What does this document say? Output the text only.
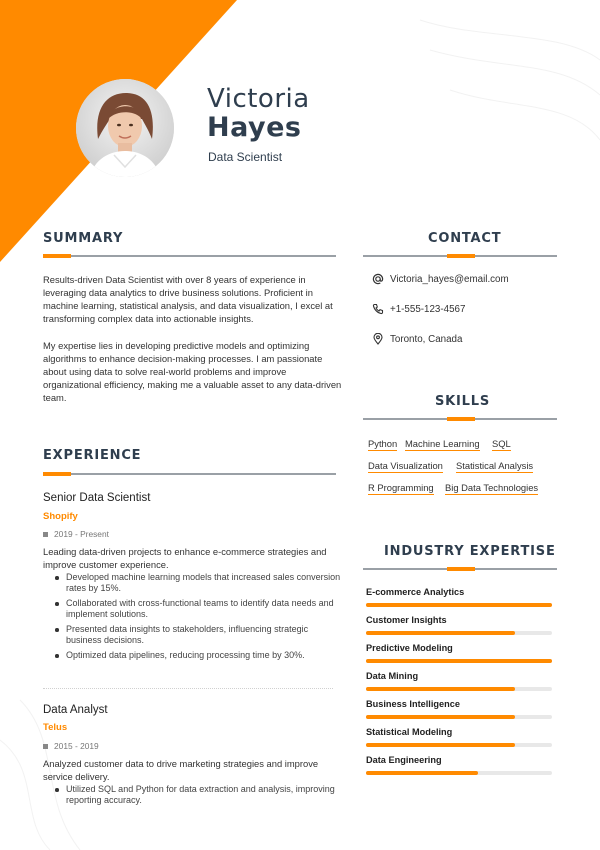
Victoria
Hayes
Data Scientist
SUMMARY
Results-driven Data Scientist with over 8 years of experience in leveraging data analytics to drive business solutions. Proficient in machine learning, statistical analysis, and data visualization, I excel at transforming complex data into actionable insights.
My expertise lies in developing predictive models and optimizing algorithms to enhance decision-making processes. I am passionate about using data to solve real-world problems and improve organizational efficiency, making me a valuable asset to any data-driven team.
EXPERIENCE
Senior Data Scientist
Shopify
2019 - Present
Leading data-driven projects to enhance e-commerce strategies and improve customer experience.
Developed machine learning models that increased sales conversion rates by 15%.
Collaborated with cross-functional teams to identify data needs and implement solutions.
Presented data insights to stakeholders, influencing strategic business decisions.
Optimized data pipelines, reducing processing time by 30%.
Data Analyst
Telus
2015 - 2019
Analyzed customer data to drive marketing strategies and improve service delivery.
Utilized SQL and Python for data extraction and analysis, improving reporting accuracy.
CONTACT
Victoria_hayes@email.com
+1-555-123-4567
Toronto, Canada
SKILLS
Python Machine Learning SQL
Data Visualization Statistical Analysis
R Programming Big Data Technologies
INDUSTRY EXPERTISE
E-commerce Analytics
Customer Insights
Predictive Modeling
Data Mining
Business Intelligence
Statistical Modeling
Data Engineering
